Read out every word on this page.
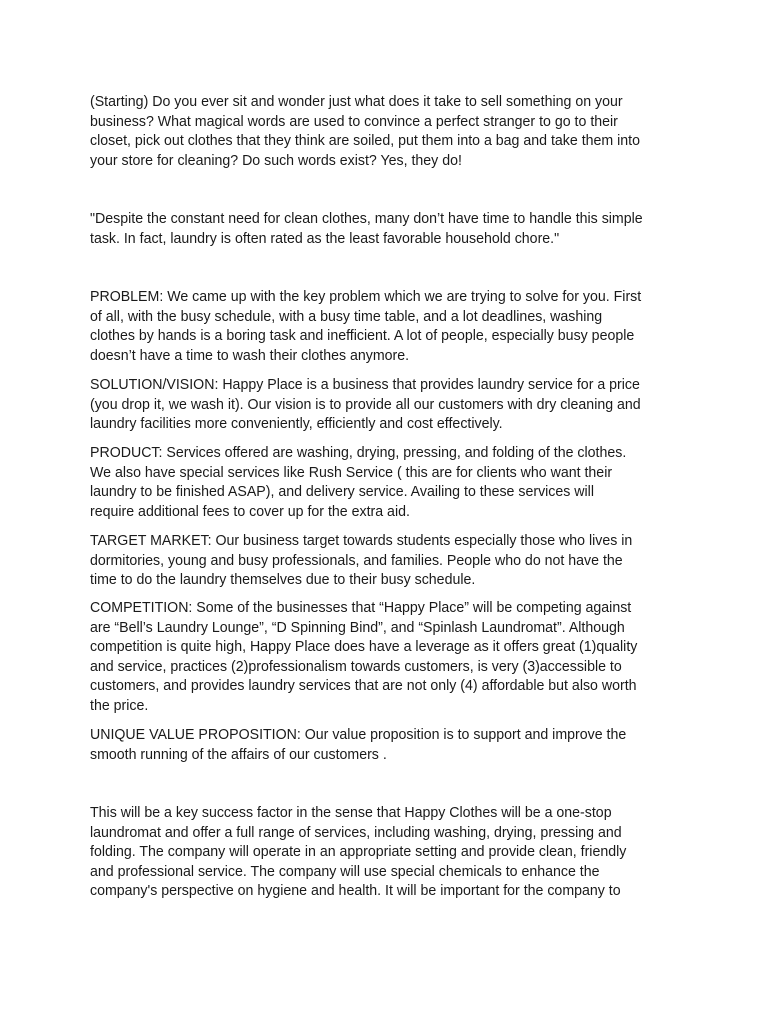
(Starting) Do you ever sit and wonder just what does it take to sell something on your
business? What magical words are used to convince a perfect stranger to go to their
closet, pick out clothes that they think are soiled, put them into a bag and take them into
your store for cleaning? Do such words exist? Yes, they do!

"Despite the constant need for clean clothes, many don’t have time to handle this simple
task. In fact, laundry is often rated as the least favorable household chore."

PROBLEM: We came up with the key problem which we are trying to solve for you. First
of all, with the busy schedule, with a busy time table, and a lot deadlines, washing
clothes by hands is a boring task and inefficient. A lot of people, especially busy people
doesn’t have a time to wash their clothes anymore.

SOLUTION/VISION: Happy Place is a business that provides laundry service for a price
(you drop it, we wash it). Our vision is to provide all our customers with dry cleaning and
laundry facilities more conveniently, efficiently and cost effectively.

PRODUCT: Services offered are washing, drying, pressing, and folding of the clothes.
We also have special services like Rush Service ( this are for clients who want their
laundry to be finished ASAP), and delivery service. Availing to these services will
require additional fees to cover up for the extra aid.

TARGET MARKET: Our business target towards students especially those who lives in
dormitories, young and busy professionals, and families. People who do not have the
time to do the laundry themselves due to their busy schedule.

COMPETITION: Some of the businesses that “Happy Place” will be competing against
are “Bell’s Laundry Lounge”, “D Spinning Bind”, and “Spinlash Laundromat”. Although
competition is quite high, Happy Place does have a leverage as it offers great (1)quality
and service, practices (2)professionalism towards customers, is very (3)accessible to
customers, and provides laundry services that are not only (4) affordable but also worth
the price.

UNIQUE VALUE PROPOSITION: Our value proposition is to support and improve the
smooth running of the affairs of our customers .

This will be a key success factor in the sense that Happy Clothes will be a one-stop
laundromat and offer a full range of services, including washing, drying, pressing and
folding. The company will operate in an appropriate setting and provide clean, friendly
and professional service. The company will use special chemicals to enhance the
company's perspective on hygiene and health. It will be important for the company to
